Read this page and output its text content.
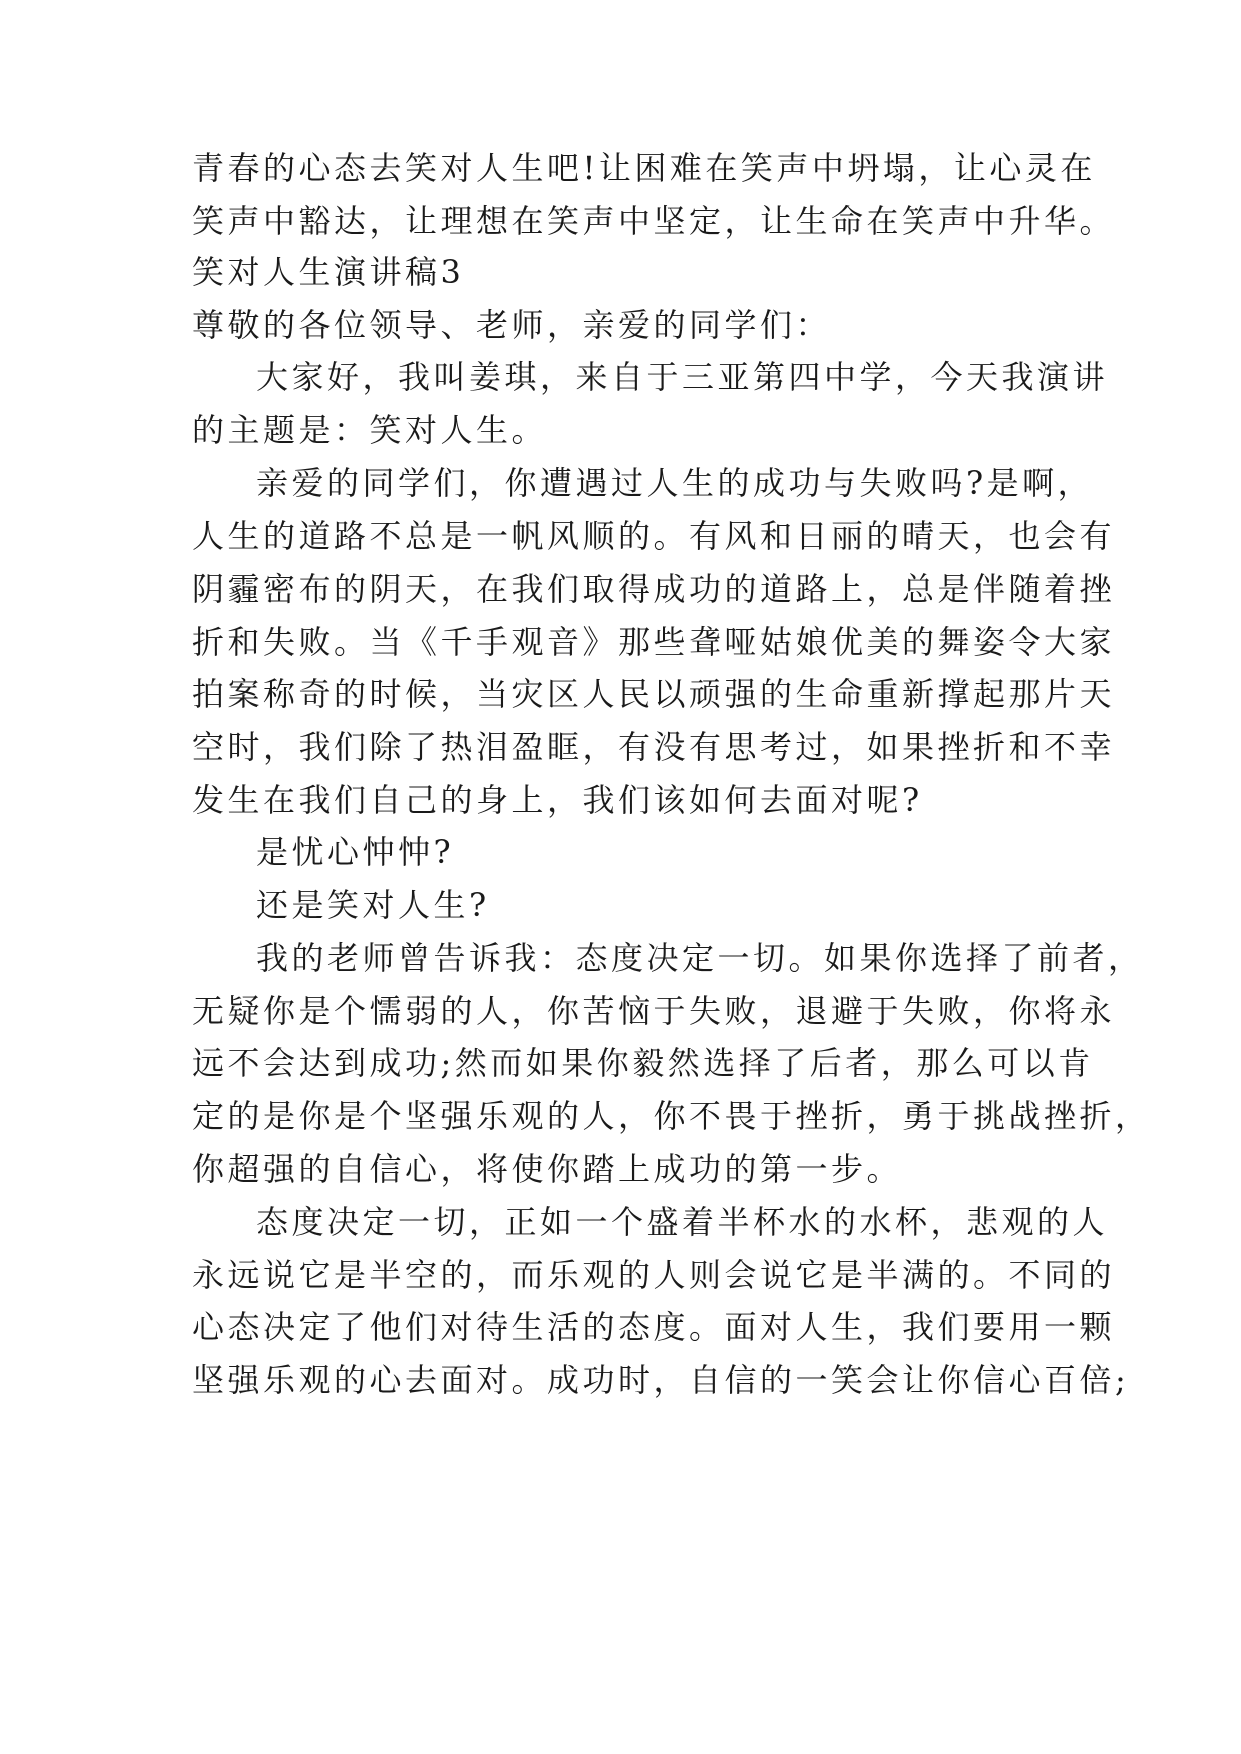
青春的心态去笑对人生吧!让困难在笑声中坍塌，让心灵在
笑声中豁达，让理想在笑声中坚定，让生命在笑声中升华。
笑对人生演讲稿3
尊敬的各位领导、老师，亲爱的同学们：
大家好，我叫姜琪，来自于三亚第四中学，今天我演讲
的主题是：笑对人生。
亲爱的同学们，你遭遇过人生的成功与失败吗?是啊，
人生的道路不总是一帆风顺的。有风和日丽的晴天，也会有
阴霾密布的阴天，在我们取得成功的道路上，总是伴随着挫
折和失败。当《千手观音》那些聋哑姑娘优美的舞姿令大家
拍案称奇的时候，当灾区人民以顽强的生命重新撑起那片天
空时，我们除了热泪盈眶，有没有思考过，如果挫折和不幸
发生在我们自己的身上，我们该如何去面对呢?
是忧心忡忡?
还是笑对人生?
我的老师曾告诉我：态度决定一切。如果你选择了前者，
无疑你是个懦弱的人，你苦恼于失败，退避于失败，你将永
远不会达到成功;然而如果你毅然选择了后者，那么可以肯
定的是你是个坚强乐观的人，你不畏于挫折，勇于挑战挫折，
你超强的自信心，将使你踏上成功的第一步。
态度决定一切，正如一个盛着半杯水的水杯，悲观的人
永远说它是半空的，而乐观的人则会说它是半满的。不同的
心态决定了他们对待生活的态度。面对人生，我们要用一颗
坚强乐观的心去面对。成功时，自信的一笑会让你信心百倍;
